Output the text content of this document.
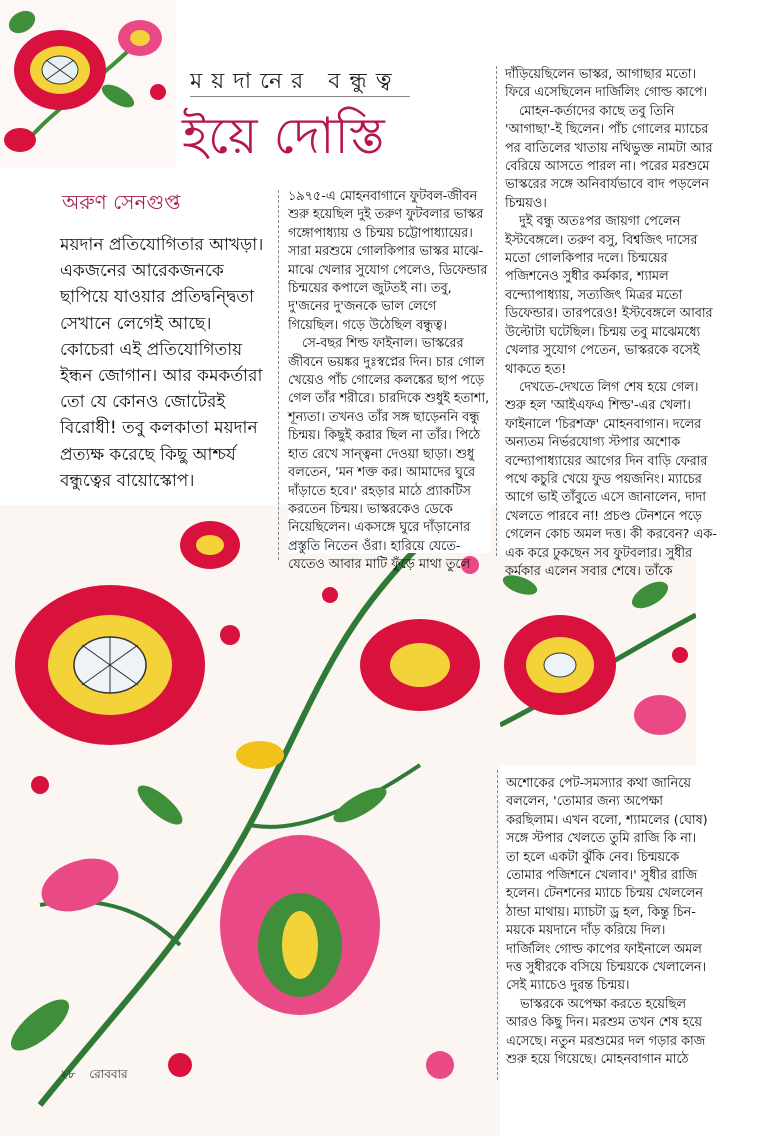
ময়দানের বন্ধুত্ব
ইয়ে দোস্তি
অরুণ সেনগুপ্ত
ময়দান প্রতিযোগিতার আখড়া। একজনের আরেকজনকে ছাপিয়ে যাওয়ার প্রতিদ্বন্দ্বিতা সেখানে লেগেই আছে। কোচেরা এই প্রতিযোগিতায় ইন্ধন জোগান। আর কমকর্তারা তো যে কোনও জোটেরই বিরোধী! তবু কলকাতা ময়দান প্রত্যক্ষ করেছে কিছু আশ্চর্য বন্ধুত্বের বায়োস্কোপ।

১৯৭৫-এ মোহনবাগানে ফুটবল-জীবন শুরু হয়েছিল দুই তরুণ ফুটবলার ভাস্কর গঙ্গোপাধ্যায় ও চিন্ময় চট্টোপাধ্যায়ের। সারা মরশুমে গোলকিপার ভাস্কর মাঝে-মাঝে খেলার সুযোগ পেলেও, ডিফেন্ডার চিন্ময়ের কপালে জুটতই না। তবু, দু'জনের দু'জনকে ভাল লেগে গিয়েছিল। গড়ে উঠেছিল বন্ধুত্ব।

সে-বছর শিল্ড ফাইনাল। ভাস্করের জীবনে ভয়ঙ্কর দুঃস্বপ্নের দিন। চার গোল খেয়েও পাঁচ গোলের কলঙ্কের ছাপ পড়ে গেল তাঁর শরীরে। চারদিকে শুধুই হতাশা, শূন্যতা। তখনও তাঁর সঙ্গ ছাড়েননি বন্ধু চিন্ময়। কিছুই করার ছিল না তাঁর। পিঠে হাত রেখে সান্ত্বনা দেওয়া ছাড়া। শুধু বলতেন, 'মন শক্ত কর। আমাদের ঘুরে দাঁড়াতে হবে।' রহড়ার মাঠে প্র্যাকটিস করতেন চিন্ময়। ভাস্করকেও ডেকে নিয়েছিলেন। একসঙ্গে ঘুরে দাঁড়ানোর প্রস্তুতি নিতেন ওঁরা। হারিয়ে যেতে-যেতেও আবার মাটি ফুঁড়ে মাথা তুলে

দাঁড়িয়েছিলেন ভাস্কর, আগাছার মতো। ফিরে এসেছিলেন দার্জিলিং গোল্ড কাপে।

মোহন-কর্তাদের কাছে তবু তিনি 'আগাছা'-ই ছিলেন। পাঁচ গোলের ম্যাচের পর বাতিলের খাতায় নথিভুক্ত নামটা আর বেরিয়ে আসতে পারল না। পরের মরশুমে ভাস্করের সঙ্গে অনিবার্যভাবে বাদ পড়লেন চিন্ময়ও।

দুই বন্ধু অতঃপর জায়গা পেলেন ইস্টবেঙ্গলে। তরুণ বসু, বিশ্বজিৎ দাসের মতো গোলকিপার দলে। চিন্ময়ের পজিশনেও সুধীর কর্মকার, শ্যামল বন্দ্যোপাধ্যায়, সত্যজিৎ মিত্রর মতো ডিফেন্ডার। তারপরেও! ইস্টবেঙ্গলে আবার উল্টোটা ঘটেছিল। চিন্ময় তবু মাঝেমধ্যে খেলার সুযোগ পেতেন, ভাস্করকে বসেই থাকতে হত!

দেখতে-দেখতে লিগ শেষ হয়ে গেল। শুরু হল 'আইএফএ শিল্ড'-এর খেলা। ফাইনালে 'চিরশত্রু' মোহনবাগান। দলের অন্যতম নির্ভরযোগ্য স্টপার অশোক বন্দ্যোপাধ্যায়ের আগের দিন বাড়ি ফেরার পথে কচুরি খেয়ে ফুড পয়জনিং। ম্যাচের আগে ভাই তাঁবুতে এসে জানালেন, দাদা খেলতে পারবে না! প্রচণ্ড টেনশনে পড়ে গেলেন কোচ অমল দত্ত। কী করবেন? এক-এক করে ঢুকছেন সব ফুটবলার। সুধীর কর্মকার এলেন সবার শেষে। তাঁকে

অশোকের পেট-সমস্যার কথা জানিয়ে বললেন, 'তোমার জন্য অপেক্ষা করছিলাম। এখন বলো, শ্যামলের (ঘোষ) সঙ্গে স্টপার খেলতে তুমি রাজি কি না। তা হলে একটা ঝুঁকি নেব। চিন্ময়কে তোমার পজিশনে খেলাব।' সুধীর রাজি হলেন। টেনশনের ম্যাচে চিন্ময় খেললেন ঠান্ডা মাথায়। ম্যাচটা ড্র হল, কিন্তু চিন-ময়কে ময়দানে দাঁড় করিয়ে দিল। দার্জিলিং গোল্ড কাপের ফাইনালে অমল দত্ত সুধীরকে বসিয়ে চিন্ময়কে খেলালেন। সেই ম্যাচেও দুরন্ত চিন্ময়।

ভাস্করকে অপেক্ষা করতে হয়েছিল আরও কিছু দিন। মরশুম তখন শেষ হয়ে এসেছে। নতুন মরশুমের দল গড়ার কাজ শুরু হয়ে গিয়েছে। মোহনবাগান মাঠে

২৮ রোববার
